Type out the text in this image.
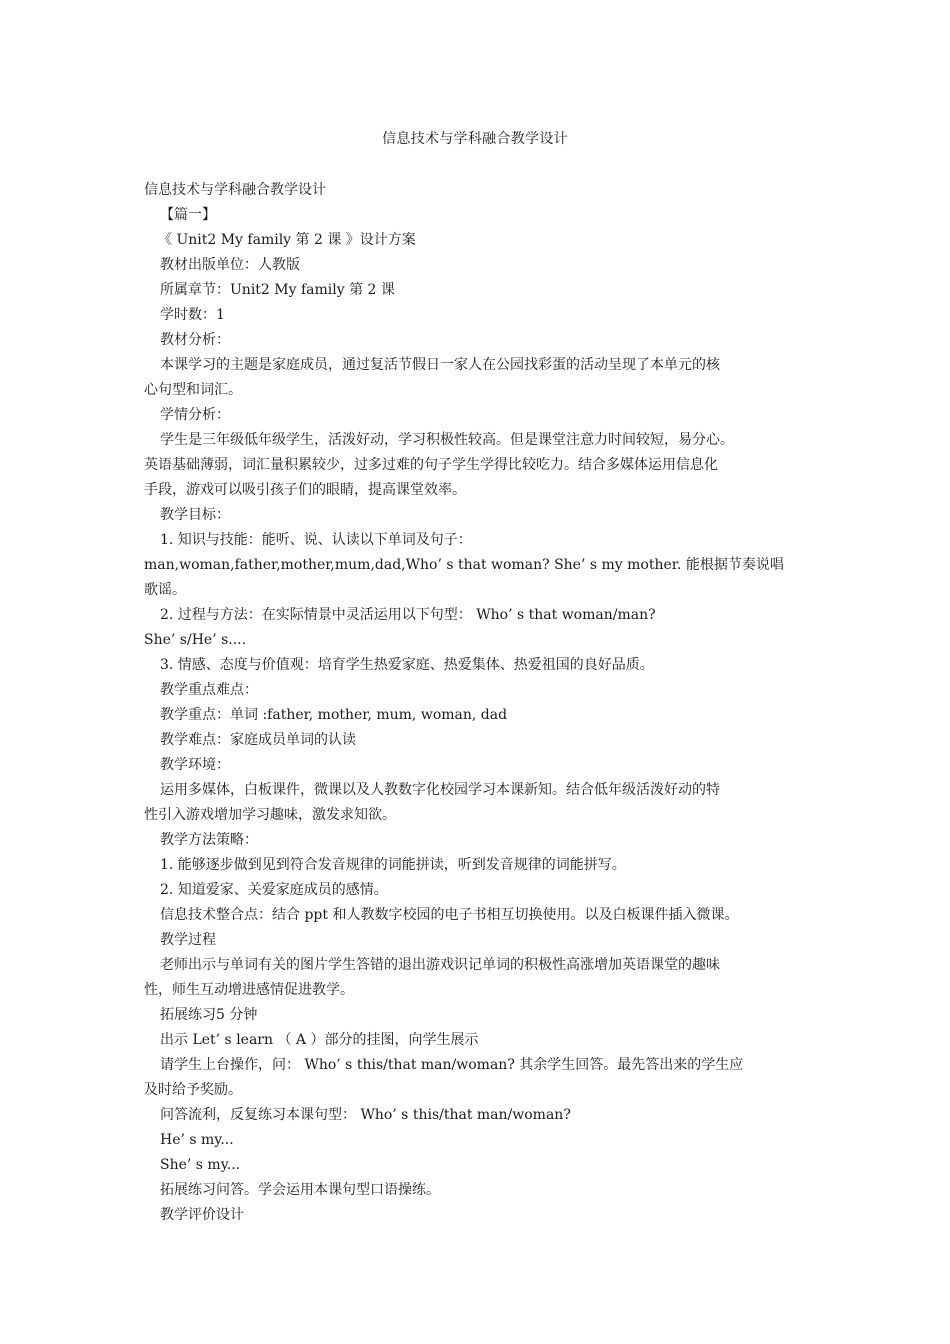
信息技术与学科融合教学设计
信息技术与学科融合教学设计
【篇一】
《 Unit2 My family 第 2 课 》设计方案
教材出版单位：人教版
所属章节：Unit2 My family 第 2 课
学时数：1
教材分析：
本课学习的主题是家庭成员，通过复活节假日一家人在公园找彩蛋的活动呈现了本单元的核
心句型和词汇。
学情分析：
学生是三年级低年级学生，活泼好动，学习积极性较高。但是课堂注意力时间较短，易分心。
英语基础薄弱，词汇量积累较少，过多过难的句子学生学得比较吃力。结合多媒体运用信息化
手段，游戏可以吸引孩子们的眼睛，提高课堂效率。
教学目标：
1. 知识与技能：能听、说、认读以下单词及句子：
man,woman,father,mother,mum,dad,Who’ s that woman? She’ s my mother. 能根据节奏说唱
歌谣。
2. 过程与方法：在实际情景中灵活运用以下句型： Who’ s that woman/man?
She’ s/He’ s....
3. 情感、态度与价值观：培育学生热爱家庭、热爱集体、热爱祖国的良好品质。
教学重点难点：
教学重点：单词 :father, mother, mum, woman, dad
教学难点：家庭成员单词的认读
教学环境：
运用多媒体，白板课件，微课以及人教数字化校园学习本课新知。结合低年级活泼好动的特
性引入游戏增加学习趣味，激发求知欲。
教学方法策略：
1. 能够逐步做到见到符合发音规律的词能拼读，听到发音规律的词能拼写。
2. 知道爱家、关爱家庭成员的感情。
信息技术整合点：结合 ppt 和人教数字校园的电子书相互切换使用。以及白板课件插入微课。
教学过程
老师出示与单词有关的图片学生答错的退出游戏识记单词的积极性高涨增加英语课堂的趣味
性，师生互动增进感情促进教学。
拓展练习5 分钟
出示 Let’ s learn （ A ）部分的挂图，向学生展示
请学生上台操作，问： Who’ s this/that man/woman? 其余学生回答。最先答出来的学生应
及时给予奖励。
问答流利，反复练习本课句型： Who’ s this/that man/woman?
He’ s my...
She’ s my...
拓展练习问答。学会运用本课句型口语操练。
教学评价设计
